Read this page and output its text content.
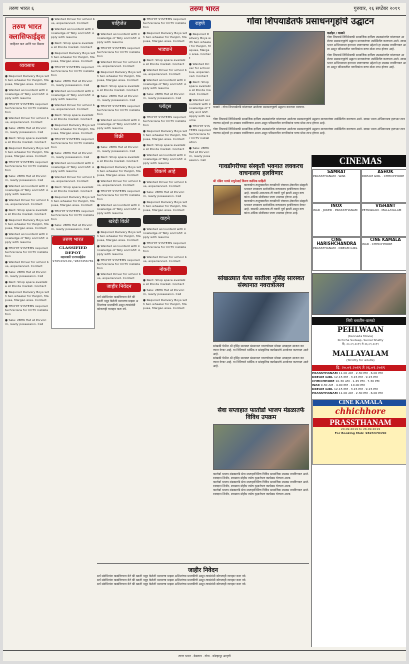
तरुण भारत ६	तरुण भारत	गुरुवार, २६ सप्टेंबर २०१९
तरुण भारत क्लासिफाईड्स
जाहिरात करा आणि यश मिळवा
व्यवसाय

● Required Delivery Boys with two wheeler for Panjim, Mapusa, Margao area. Contact

● Wanted accountant with knowledge of Tally and GST. Apply with resume

● TECHIT SYSTEMS required technicians for CCTV installation

● Wanted Driver for school bus, experienced. Contact

● Sale: 2BHK flat at Porvorim, ready possession. Call

● Rent: Shop space available at Ponda market. Contact

● Required Delivery Boys with two wheeler for Panjim, Mapusa, Margao area. Contact

● TECHIT SYSTEMS required technicians for CCTV installation

● Sale: 2BHK flat at Porvorim, ready possession. Call

● Wanted accountant with knowledge of Tally and GST. Apply with resume

● Wanted Driver for school bus, experienced. Contact

● Rent: Shop space available at Ponda market. Contact

● Required Delivery Boys with two wheeler for Panjim, Mapusa, Margao area. Contact

● Wanted accountant with knowledge of Tally and GST. Apply with resume

● TECHIT SYSTEMS required technicians for CCTV installation

● Wanted Driver for school bus, experienced. Contact

● Sale: 2BHK flat at Porvorim, ready possession. Call

● Rent: Shop space available at Ponda market. Contact

● Required Delivery Boys with two wheeler for Panjim, Mapusa, Margao area. Contact

● TECHIT SYSTEMS required technicians for CCTV installation

● Sale: 2BHK flat at Porvorim, ready possession. Call

● Wanted Driver for school bus, experienced. Contact

● Wanted accountant with knowledge of Tally and GST. Apply with resume

● Rent: Shop space available at Ponda market. Contact

● Required Delivery Boys with two wheeler for Panjim, Mapusa, Margao area. Contact

● TECHIT SYSTEMS required technicians for CCTV installation

● Sale: 2BHK flat at Porvorim, ready possession. Call

● Wanted accountant with knowledge of Tally and GST. Apply with resume

● Wanted Driver for school bus, experienced. Contact

● Rent: Shop space available at Ponda market. Contact

● Required Delivery Boys with two wheeler for Panjim, Mapusa, Margao area. Contact

● TECHIT SYSTEMS required technicians for CCTV installation

● Sale: 2BHK flat at Porvorim, ready possession. Call

● Wanted accountant with knowledge of Tally and GST. Apply with resume

● Wanted Driver for school bus, experienced. Contact

● Rent: Shop space available at Ponda market. Contact

● Required Delivery Boys with two wheeler for Panjim, Mapusa, Margao area. Contact

● TECHIT SYSTEMS required technicians for CCTV installation

● Sale: 2BHK flat at Porvorim, ready possession. Call

तरुण भारत
CLASSIFIED DEPOT
महालक्ष्मी एन्टरप्राईझेस
9765432109 / 9823456781
पाहिजेत

● Wanted accountant with knowledge of Tally and GST. Apply with resume

● TECHIT SYSTEMS required technicians for CCTV installation

● Wanted Driver for school bus, experienced. Contact

● Required Delivery Boys with two wheeler for Panjim, Mapusa, Margao area. Contact

● Rent: Shop space available at Ponda market. Contact

● Sale: 2BHK flat at Porvorim, ready possession. Call

● TECHIT SYSTEMS required technicians for CCTV installation

● Wanted accountant with knowledge of Tally and GST. Apply with resume

विक्री

● Sale: 2BHK flat at Porvorim, ready possession. Call

● Rent: Shop space available at Ponda market. Contact

● Required Delivery Boys with two wheeler for Panjim, Mapusa, Margao area. Contact

● Wanted Driver for school bus, experienced. Contact

● TECHIT SYSTEMS required technicians for CCTV installation

● Wanted accountant with knowledge of Tally and GST. Apply with resume

खरेदी विक्री

● Required Delivery Boys with two wheeler for Panjim, Mapusa, Margao area. Contact

● Wanted accountant with knowledge of Tally and GST. Apply with resume

● TECHIT SYSTEMS required technicians for CCTV installation

● Wanted Driver for school bus, experienced. Contact

जाहीर निवेदन
सर्व संबंधितांना कळविण्यात येते की खाली नमूद केलेली मालमत्ता माझ्या अशिलांच्या मालकीची असून त्यासंबंधी कोणताही व्यवहार करू नये.

● TECHIT SYSTEMS required technicians for CCTV installation

● Required Delivery Boys with two wheeler for Panjim, Mapusa, Margao area. Contact

भाड्याने

● Rent: Shop space available at Ponda market. Contact

● Wanted Driver for school bus, experienced. Contact

● Wanted accountant with knowledge of Tally and GST. Apply with resume

● Sale: 2BHK flat at Porvorim, ready possession. Call

प्लॉट्स

● TECHIT SYSTEMS required technicians for CCTV installation

● Required Delivery Boys with two wheeler for Panjim, Mapusa, Margao area. Contact

● Rent: Shop space available at Ponda market. Contact

● Wanted accountant with knowledge of Tally and GST. Apply with resume

विकणे आहे

● Wanted Driver for school bus, experienced. Contact

● Sale: 2BHK flat at Porvorim, ready possession. Call

● Required Delivery Boys with two wheeler for Panjim, Mapusa, Margao area. Contact

वाहने

● Wanted accountant with knowledge of Tally and GST. Apply with resume

● TECHIT SYSTEMS required technicians for CCTV installation

● Wanted Driver for school bus, experienced. Contact

नोकरी

● Rent: Shop space available at Ponda market. Contact

● Sale: 2BHK flat at Porvorim, ready possession. Call

● Required Delivery Boys with two wheeler for Panjim, Mapusa, Margao area. Contact

राहणे

● Required Delivery Boys with two wheeler for Panjim, Mapusa, Margao area. Contact

● Wanted Driver for school bus, experienced. Contact

● Rent: Shop space available at Ponda market. Contact

● Wanted accountant with knowledge of Tally and GST. Apply with resume

● TECHIT SYSTEMS required technicians for CCTV installation

● Sale: 2BHK flat at Porvorim, ready possession. Call

गोवा शिपयार्डतर्फे प्रसाधनगृहांचे उद्घाटन
वास्को : गोवा शिपयार्डतर्फे बांधण्यात आलेल्या प्रसाधनगृहाचे उद्घाटन करताना मान्यवर.
वार्ताहर / वास्को

गोवा शिपयार्ड लिमिटेडतर्फे सामाजिक दायित्व उपक्रमांतर्गत बांधण्यात आलेल्या प्रसाधनगृहांचे उद्घाटन मान्यवरांच्या उपस्थितीत करण्यात आले. स्वच्छ भारत अभियानाला हातभार लावण्याच्या उद्देशाने हा उपक्रम राबविण्यात आला असून परिसरातील नागरिकांना याचा मोठा लाभ होणार आहे.

गोवा शिपयार्ड लिमिटेडतर्फे सामाजिक दायित्व उपक्रमांतर्गत बांधण्यात आलेल्या प्रसाधनगृहांचे उद्घाटन मान्यवरांच्या उपस्थितीत करण्यात आले. स्वच्छ भारत अभियानाला हातभार लावण्याच्या उद्देशाने हा उपक्रम राबविण्यात आला असून परिसरातील नागरिकांना याचा मोठा लाभ होणार आहे.

गोवा शिपयार्ड लिमिटेडतर्फे सामाजिक दायित्व उपक्रमांतर्गत बांधण्यात आलेल्या प्रसाधनगृहांचे उद्घाटन मान्यवरांच्या उपस्थितीत करण्यात आले. स्वच्छ भारत अभियानाला हातभार लावण्याच्या उद्देशाने हा उपक्रम राबविण्यात आला असून परिसरातील नागरिकांना याचा मोठा लाभ होणार आहे.

गोवा शिपयार्ड लिमिटेडतर्फे सामाजिक दायित्व उपक्रमांतर्गत बांधण्यात आलेल्या प्रसाधनगृहांचे उद्घाटन मान्यवरांच्या उपस्थितीत करण्यात आले. स्वच्छ भारत अभियानाला हातभार लावण्याच्या उद्देशाने हा उपक्रम राबविण्यात आला असून परिसरातील नागरिकांना याचा मोठा लाभ होणार आहे.

गावडोंगरीच्या संस्कृती भवनात लवकरच वाचनालय हलविणार
श्री मंडिरा मावडे प्रभुदेसाई किरण कामिक माहिती
काणकोण तालुक्यातील गावडोंगरी पंचायत क्षेत्रातील संस्कृती भवनात लवकरच सार्वजनिक वाचनालय हलविण्यात येणार आहे. यासाठी आवश्यक ती तयारी पूर्ण झाली असून वाचकांना अधिक सोयीस्कर जागा उपलब्ध होणार आहे.
काणकोण तालुक्यातील गावडोंगरी पंचायत क्षेत्रातील संस्कृती भवनात लवकरच सार्वजनिक वाचनालय हलविण्यात येणार आहे. यासाठी आवश्यक ती तयारी पूर्ण झाली असून वाचकांना अधिक सोयीस्कर जागा उपलब्ध होणार आहे.
सांखळ्यात येत्या सातीला नृसिंह सारस्वत संस्थानात नवरात्रोत्सव
सांखळी येथील श्री नृसिंह सारस्वत संस्थानात नवरात्रोत्सव मोठ्या उत्साहात साजरा करण्यात येणार आहे. या निमित्ताने धार्मिक व सांस्कृतिक कार्यक्रमांचे आयोजन करण्यात आले आहे.
सांखळी येथील श्री नृसिंह सारस्वत संस्थानात नवरात्रोत्सव मोठ्या उत्साहात साजरा करण्यात येणार आहे. या निमित्ताने धार्मिक व सांस्कृतिक कार्यक्रमांचे आयोजन करण्यात आले आहे.
सेवा सप्ताहात फातोर्डा भाजप मंडळातर्फे विविध उपक्रम
फातोर्डा भाजप मंडळातर्फे सेवा सप्ताहानिमित्त विविध सामाजिक उपक्रम राबविण्यात आले. रक्तदान शिबीर, स्वच्छता मोहीम तसेच वृक्षारोपण कार्यक्रम घेण्यात आला.
फातोर्डा भाजप मंडळातर्फे सेवा सप्ताहानिमित्त विविध सामाजिक उपक्रम राबविण्यात आले. रक्तदान शिबीर, स्वच्छता मोहीम तसेच वृक्षारोपण कार्यक्रम घेण्यात आला.
फातोर्डा भाजप मंडळातर्फे सेवा सप्ताहानिमित्त विविध सामाजिक उपक्रम राबविण्यात आले. रक्तदान शिबीर, स्वच्छता मोहीम तसेच वृक्षारोपण कार्यक्रम घेण्यात आला.
जाहीर निवेदन
सर्व संबंधितांना कळविण्यात येते की खाली नमूद केलेली मालमत्ता माझ्या अशिलांच्या मालकीची असून त्यासंबंधी कोणताही व्यवहार करू नये.
सर्व संबंधितांना कळविण्यात येते की खाली नमूद केलेली मालमत्ता माझ्या अशिलांच्या मालकीची असून त्यासंबंधी कोणताही व्यवहार करू नये.
सर्व संबंधितांना कळविण्यात येते की खाली नमूद केलेली मालमत्ता माझ्या अशिलांच्या मालकीची असून त्यासंबंधी कोणताही व्यवहार करू नये.
CINEMAS
SAMRAT
PRASSTHANAM · WAR
ASHOK
DREAM GIRL · CHHICHHORE
INOX
WAR · JOKER · PRASSTHANAM
VISHANT
PEHLWAAN · MALLAYALAM
CINE HARISHCHANDRA
PRASSTHANAM · DREAM GIRL
CINE KAMALA
WAR · CHHICHHORE
सिरी ब्लाटीम-वास्को
PEHLWAAN
(Kannada Movie)
Kichcha Sudeep, Suniel Shetty
दि. २०.०९.२०१९ ते २६.०९.२०१९
MALLAYALAM
(Strictly for adults)
दि. २०.०९.२०१९ ते २६.०९.२०१९
PRASSTHANAM 11.00 AM · 2.30 PM · 6.00 PM
DREAM GIRL 12.15 PM · 3.15 PM · 9.15 PM
CHHICHHORE 10.30 AM · 1.45 PM · 7.30 PM
WAR 9.30 AM · 4.00 PM · 10.00 PM
DREAM GIRL 12.15 PM · 3.15 PM · 9.15 PM
PRASSTHANAM 11.00 AM · 2.30 PM · 6.00 PM
CINE KAMALA
chhichhore
PRASSTHANAM
20.09.2019 to 26.09.2019
For Booking Mob: 9823476150
तरुण भारत · बेळगाव · गोवा · कोल्हापूर आवृत्ती
